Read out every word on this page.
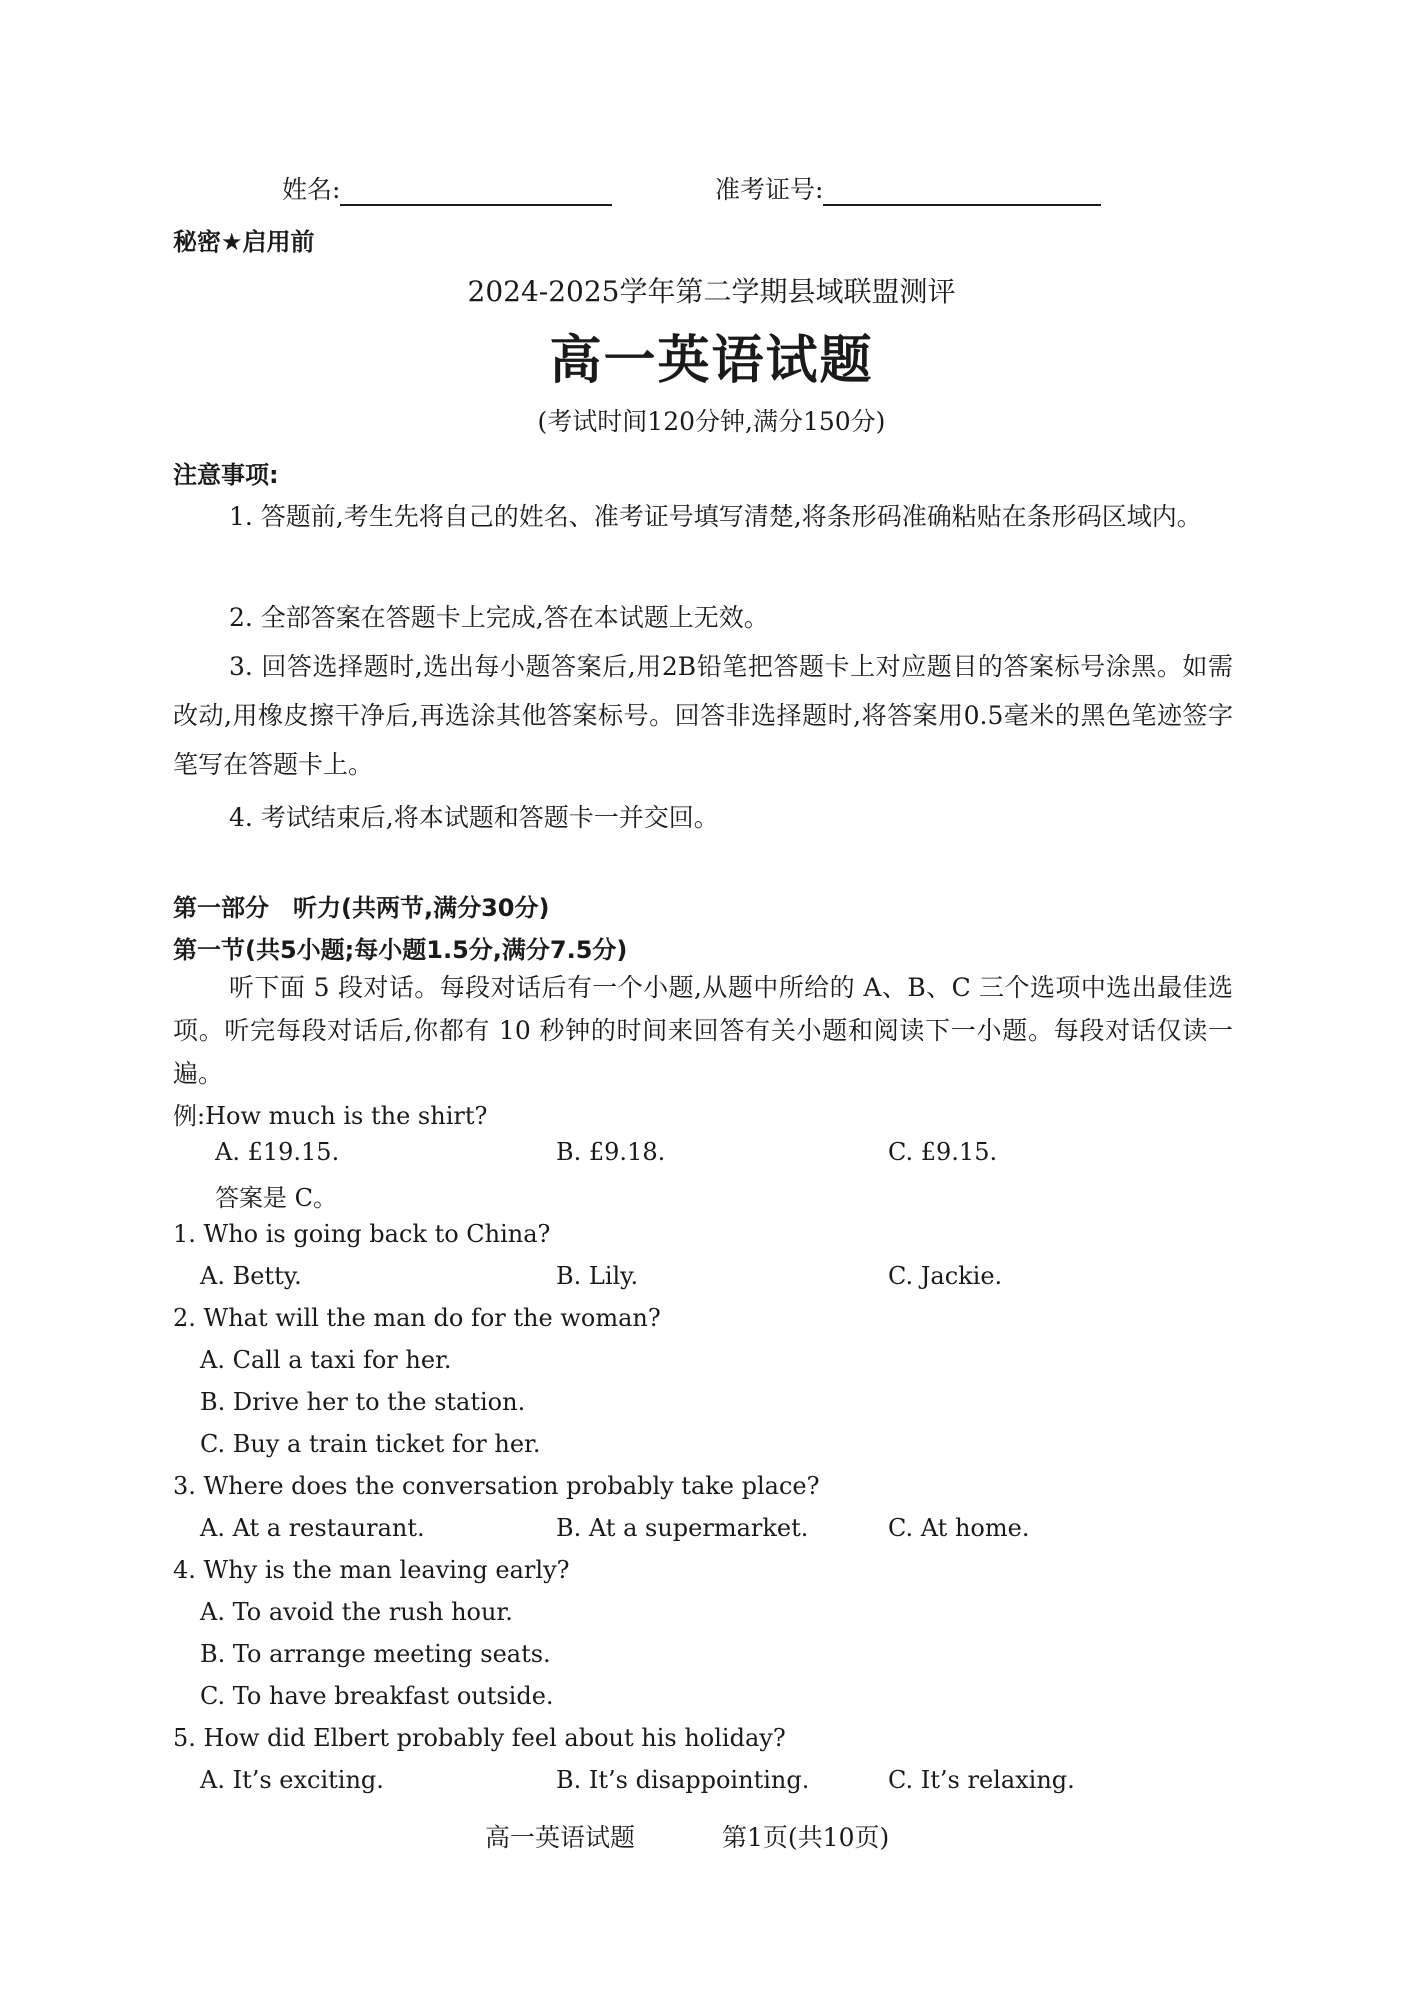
姓名:	准考证号:
秘密★启用前
2024-2025学年第二学期县域联盟测评
高一英语试题
(考试时间120分钟,满分150分)
注意事项:
1. 答题前,考生先将自己的姓名、准考证号填写清楚,将条形码准确粘贴在条形码区域内。
2. 全部答案在答题卡上完成,答在本试题上无效。
3. 回答选择题时,选出每小题答案后,用2B铅笔把答题卡上对应题目的答案标号涂黑。如需改动,用橡皮擦干净后,再选涂其他答案标号。回答非选择题时,将答案用0.5毫米的黑色笔迹签字笔写在答题卡上。
4. 考试结束后,将本试题和答题卡一并交回。
第一部分　听力(共两节,满分30分)
第一节(共5小题;每小题1.5分,满分7.5分)
听下面 5 段对话。每段对话后有一个小题,从题中所给的 A、B、C 三个选项中选出最佳选项。听完每段对话后,你都有 10 秒钟的时间来回答有关小题和阅读下一小题。每段对话仅读一遍。
例:How much is the shirt?
A. £19.15.	B. £9.18.	C. £9.15.
答案是 C。
1. Who is going back to China?
A. Betty.	B. Lily.	C. Jackie.
2. What will the man do for the woman?
A. Call a taxi for her.
B. Drive her to the station.
C. Buy a train ticket for her.
3. Where does the conversation probably take place?
A. At a restaurant.	B. At a supermarket.	C. At home.
4. Why is the man leaving early?
A. To avoid the rush hour.
B. To arrange meeting seats.
C. To have breakfast outside.
5. How did Elbert probably feel about his holiday?
A. It’s exciting.	B. It’s disappointing.	C. It’s relaxing.
高一英语试题	第1页(共10页)
